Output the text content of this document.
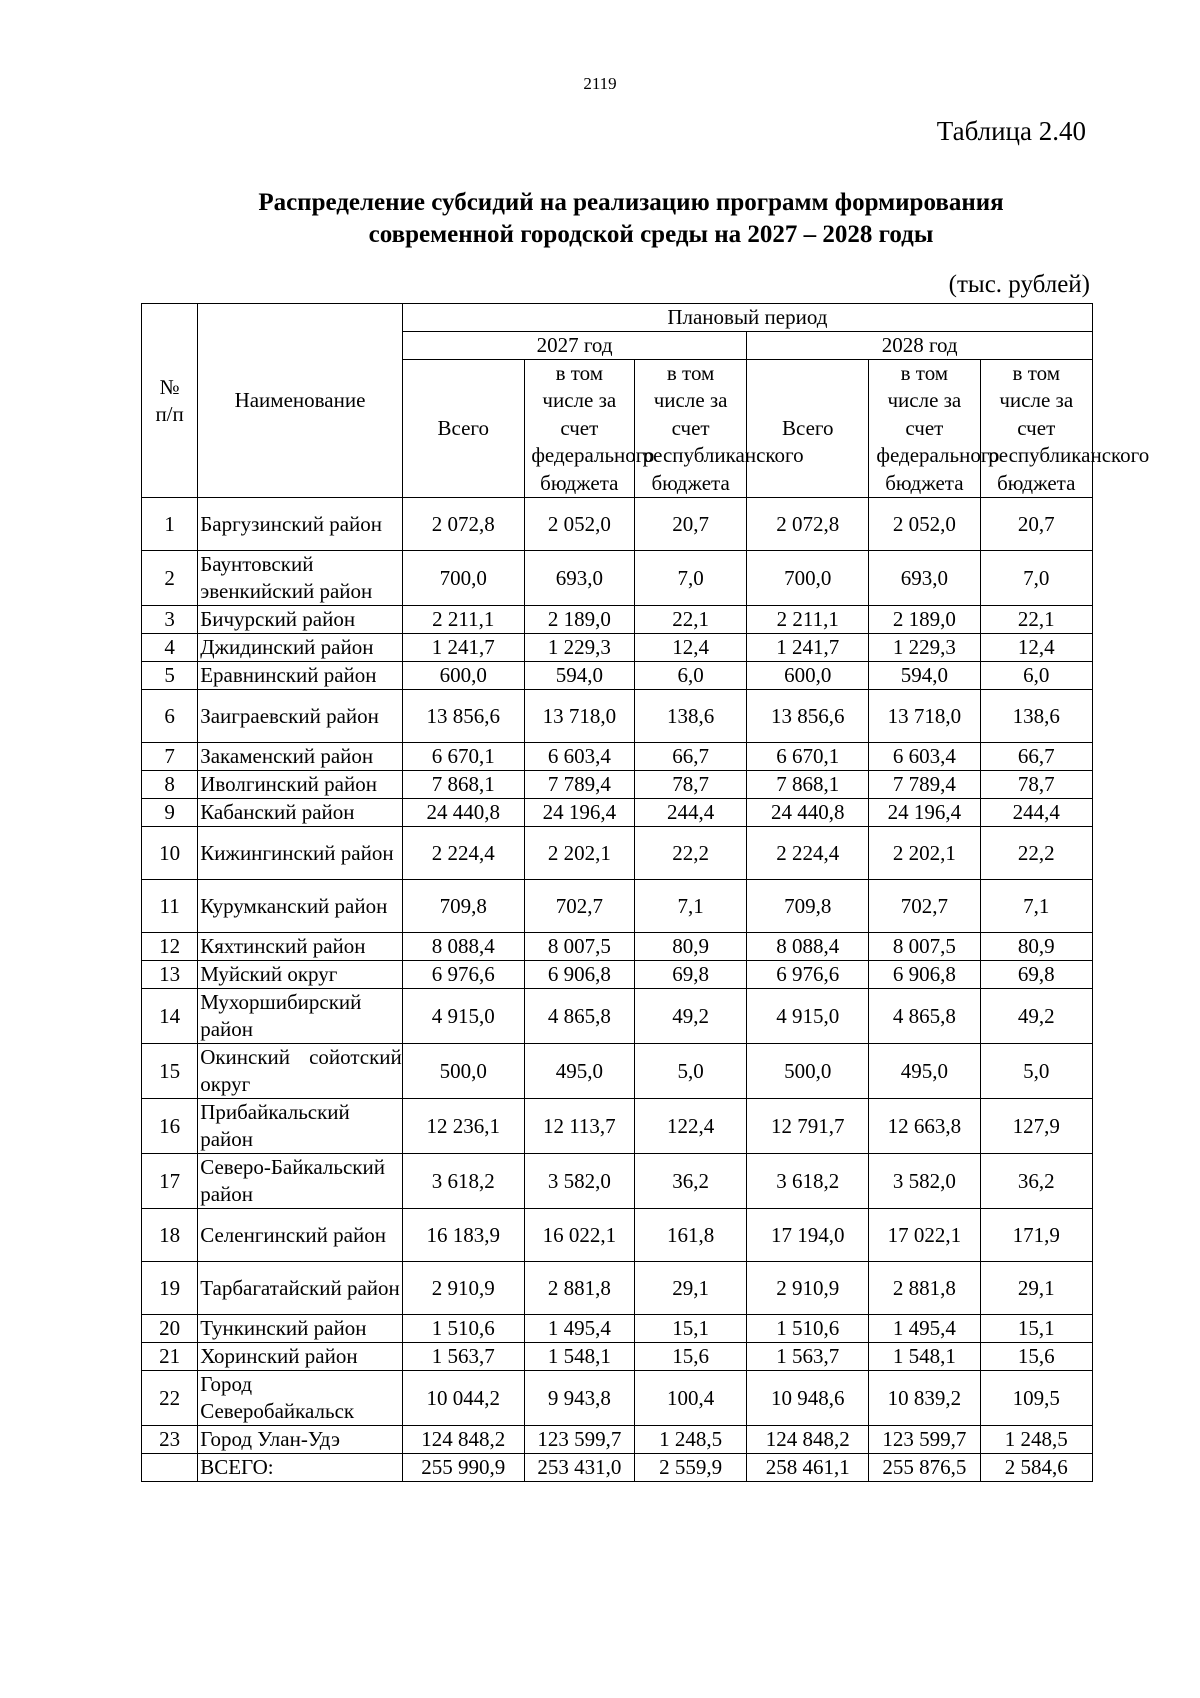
2119
Таблица 2.40
Распределение субсидий на реализацию программ формирования
современной городской среды на 2027 – 2028 годы
(тыс. рублей)
№ п/п	Наименование	Плановый период					
		2027 год			2028 год		
		Всего	в том числе за счет федерального бюджета	в том числе за счет республиканского бюджета	Всего	в том числе за счет федерального бюджета	в том числе за счет республиканского бюджета

1	Баргузинский район	2 072,8	2 052,0	20,7	2 072,8	2 052,0	20,7
2	Баунтовский эвенкийский район	700,0	693,0	7,0	700,0	693,0	7,0
3	Бичурский район	2 211,1	2 189,0	22,1	2 211,1	2 189,0	22,1
4	Джидинский район	1 241,7	1 229,3	12,4	1 241,7	1 229,3	12,4
5	Еравнинский район	600,0	594,0	6,0	600,0	594,0	6,0
6	Заиграевский район	13 856,6	13 718,0	138,6	13 856,6	13 718,0	138,6
7	Закаменский район	6 670,1	6 603,4	66,7	6 670,1	6 603,4	66,7
8	Иволгинский район	7 868,1	7 789,4	78,7	7 868,1	7 789,4	78,7
9	Кабанский район	24 440,8	24 196,4	244,4	24 440,8	24 196,4	244,4
10	Кижингинский район	2 224,4	2 202,1	22,2	2 224,4	2 202,1	22,2
11	Курумканский район	709,8	702,7	7,1	709,8	702,7	7,1
12	Кяхтинский район	8 088,4	8 007,5	80,9	8 088,4	8 007,5	80,9
13	Муйский округ	6 976,6	6 906,8	69,8	6 976,6	6 906,8	69,8
14	Мухоршибирский район	4 915,0	4 865,8	49,2	4 915,0	4 865,8	49,2
15	Окинский сойотский округ	500,0	495,0	5,0	500,0	495,0	5,0
16	Прибайкальский район	12 236,1	12 113,7	122,4	12 791,7	12 663,8	127,9
17	Северо-Байкальский район	3 618,2	3 582,0	36,2	3 618,2	3 582,0	36,2
18	Селенгинский район	16 183,9	16 022,1	161,8	17 194,0	17 022,1	171,9
19	Тарбагатайский район	2 910,9	2 881,8	29,1	2 910,9	2 881,8	29,1
20	Тункинский район	1 510,6	1 495,4	15,1	1 510,6	1 495,4	15,1
21	Хоринский район	1 563,7	1 548,1	15,6	1 563,7	1 548,1	15,6
22	Город Северобайкальск	10 044,2	9 943,8	100,4	10 948,6	10 839,2	109,5
23	Город Улан-Удэ	124 848,2	123 599,7	1 248,5	124 848,2	123 599,7	1 248,5
	ВСЕГО:	255 990,9	253 431,0	2 559,9	258 461,1	255 876,5	2 584,6
